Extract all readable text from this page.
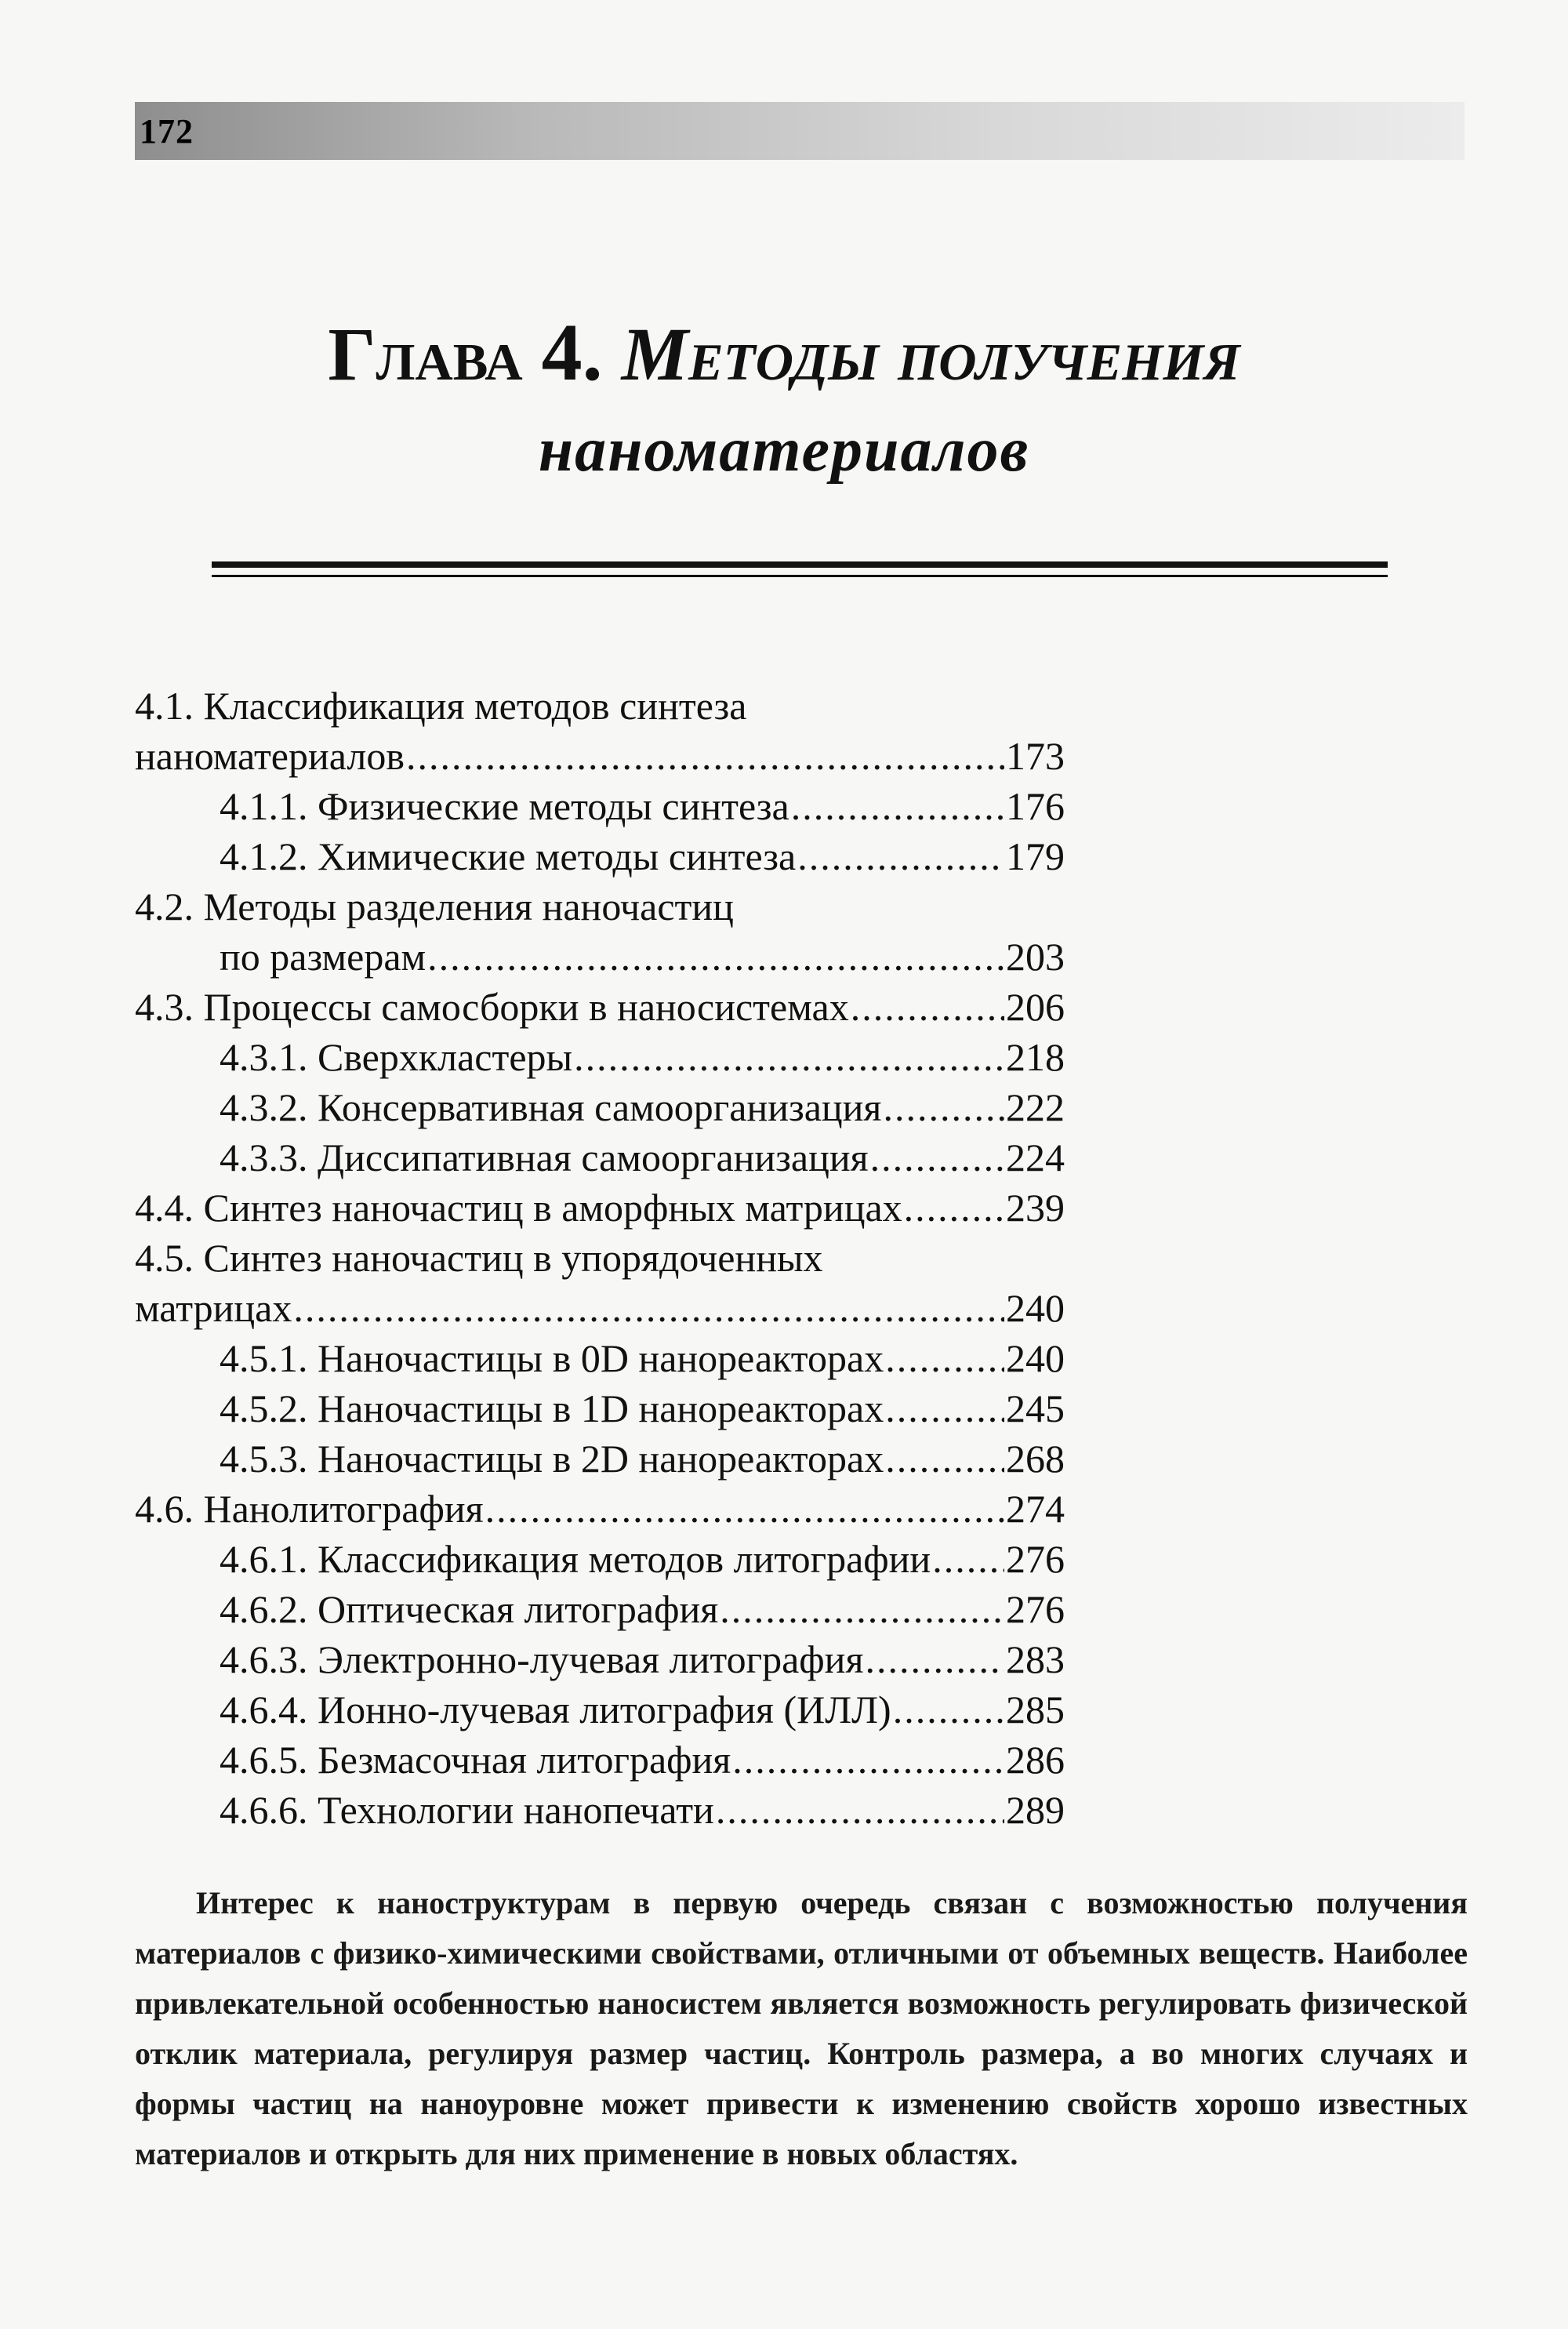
172
Глава 4. Методы получения
наноматериалов
4.1. Классификация методов синтеза
наноматериалов .....	173
4.1.1. Физические методы синтеза .....	176
4.1.2. Химические методы синтеза .....	179
4.2. Методы разделения наночастиц
по размерам .....	203
4.3. Процессы самосборки в наносистемах .....	206
4.3.1. Сверхкластеры .....	218
4.3.2. Консервативная самоорганизация .....	222
4.3.3. Диссипативная самоорганизация .....	224
4.4. Синтез наночастиц в аморфных матрицах .....	239
4.5. Синтез наночастиц в упорядоченных
матрицах .....	240
4.5.1. Наночастицы в 0D нанореакторах .....	240
4.5.2. Наночастицы в 1D нанореакторах .....	245
4.5.3. Наночастицы в 2D нанореакторах .....	268
4.6. Нанолитография .....	274
4.6.1. Классификация методов литографии ..... 276
4.6.2. Оптическая литография .....	276
4.6.3. Электронно-лучевая литография .....	283
4.6.4. Ионно-лучевая литография (ИЛЛ) .....	285
4.6.5. Безмасочная литография .....	286
4.6.6. Технологии нанопечати .....	289
Интерес к наноструктурам в первую очередь связан с возможностью получения материалов с физико-химическими свойствами, отличными от объемных веществ. Наиболее привлекательной особенностью наносистем является возможность регулировать физической отклик материала, регулируя размер частиц. Контроль размера, а во многих случаях и формы частиц на наноуровне может привести к изменению свойств хорошо известных материалов и открыть для них применение в новых областях.
